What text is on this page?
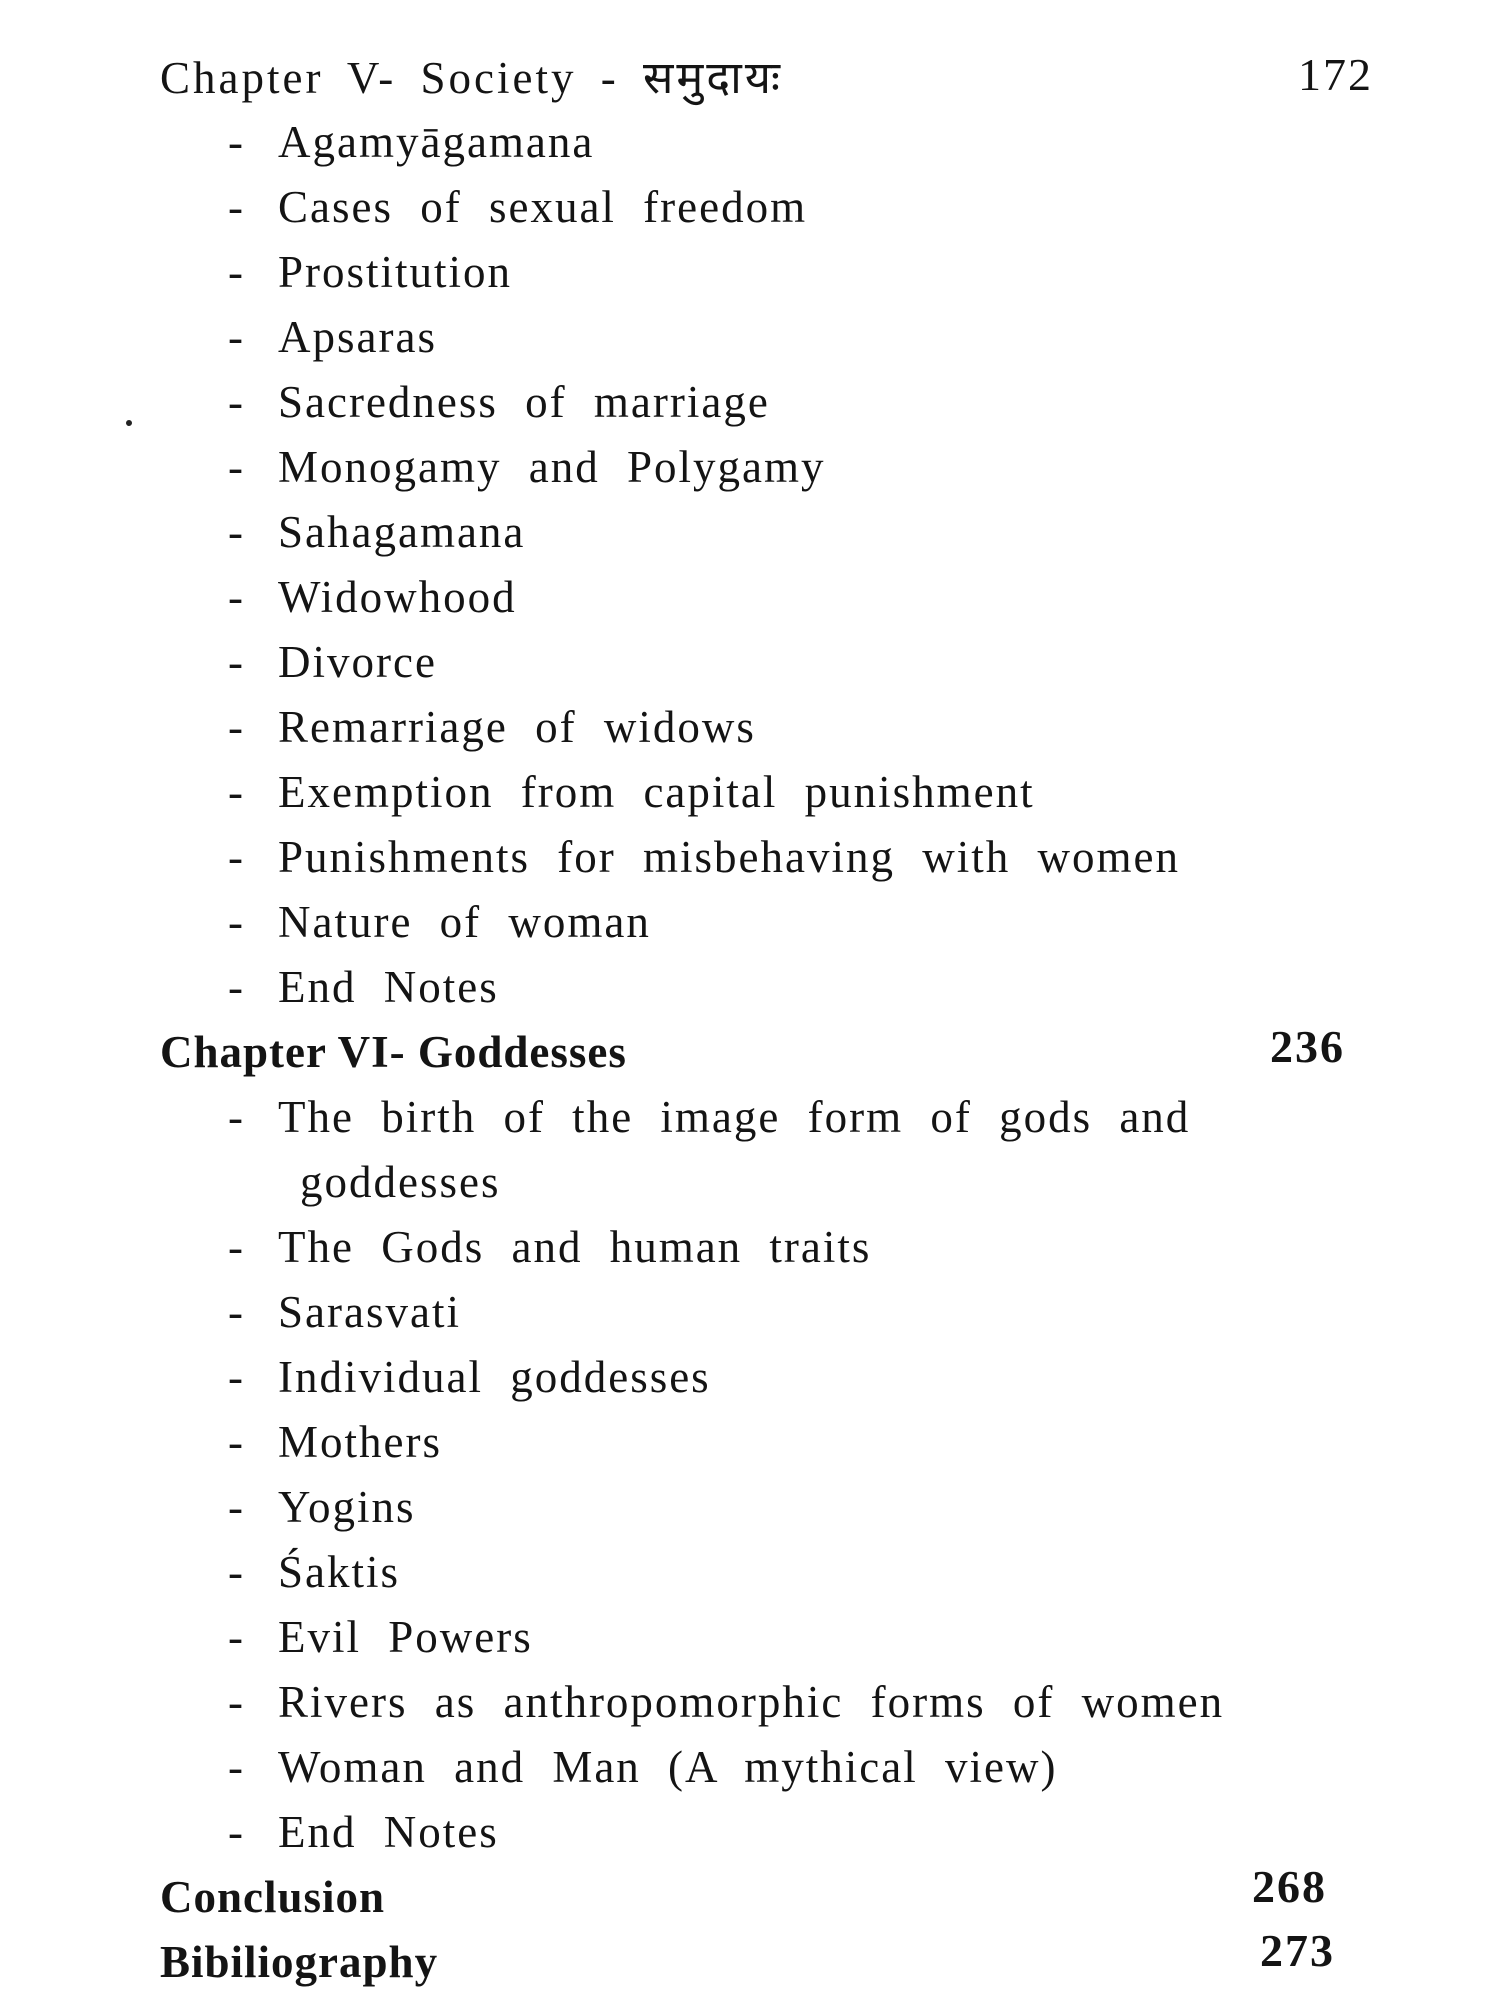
Chapter V- Society - समुदायः	172
- Agamyāgamana
- Cases of sexual freedom
- Prostitution
- Apsaras
- Sacredness of marriage
- Monogamy and Polygamy
- Sahagamana
- Widowhood
- Divorce
- Remarriage of widows
- Exemption from capital punishment
- Punishments for misbehaving with women
- Nature of woman
- End Notes
Chapter VI- Goddesses	236
- The birth of the image form of gods and
goddesses
- The Gods and human traits
- Sarasvati
- Individual goddesses
- Mothers
- Yogins
- Śaktis
- Evil Powers
- Rivers as anthropomorphic forms of women
- Woman and Man (A mythical view)
- End Notes
Conclusion	268
Bibiliography	273
